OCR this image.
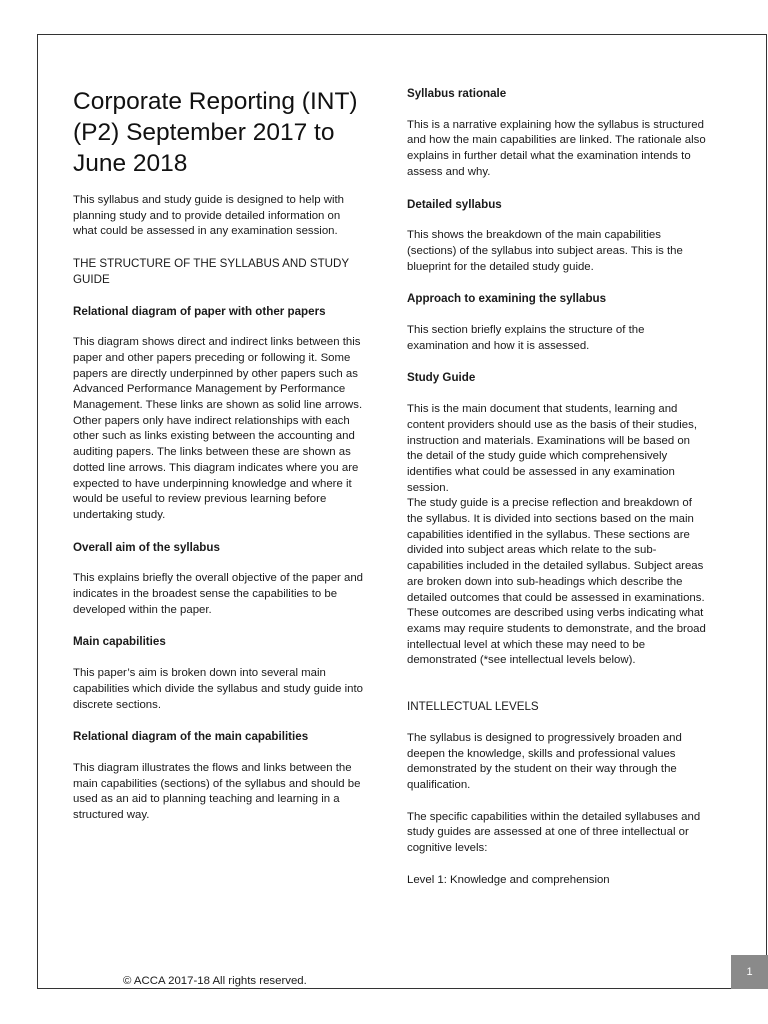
Corporate Reporting (INT) (P2) September 2017 to June 2018

This syllabus and study guide is designed to help with planning study and to provide detailed information on what could be assessed in any examination session.

THE STRUCTURE OF THE SYLLABUS AND STUDY GUIDE
Relational diagram of paper with other papers

This diagram shows direct and indirect links between this paper and other papers preceding or following it. Some papers are directly underpinned by other papers such as Advanced Performance Management by Performance Management. These links are shown as solid line arrows. Other papers only have indirect relationships with each other such as links existing between the accounting and auditing papers. The links between these are shown as dotted line arrows. This diagram indicates where you are expected to have underpinning knowledge and where it would be useful to review previous learning before undertaking study.

Overall aim of the syllabus

This explains briefly the overall objective of the paper and indicates in the broadest sense the capabilities to be developed within the paper.

Main capabilities

This paper’s aim is broken down into several main capabilities which divide the syllabus and study guide into discrete sections.

Relational diagram of the main capabilities

This diagram illustrates the flows and links between the main capabilities (sections) of the syllabus and should be used as an aid to planning teaching and learning in a structured way.

Syllabus rationale

This is a narrative explaining how the syllabus is structured and how the main capabilities are linked. The rationale also explains in further detail what the examination intends to assess and why.

Detailed syllabus

This shows the breakdown of the main capabilities (sections) of the syllabus into subject areas. This is the blueprint for the detailed study guide.

Approach to examining the syllabus

This section briefly explains the structure of the examination and how it is assessed.

Study Guide

This is the main document that students, learning and content providers should use as the basis of their studies, instruction and materials. Examinations will be based on the detail of the study guide which comprehensively identifies what could be assessed in any examination session.

The study guide is a precise reflection and breakdown of the syllabus. It is divided into sections based on the main capabilities identified in the syllabus. These sections are divided into subject areas which relate to the sub-capabilities included in the detailed syllabus. Subject areas are broken down into sub-headings which describe the detailed outcomes that could be assessed in examinations. These outcomes are described using verbs indicating what exams may require students to demonstrate, and the broad intellectual level at which these may need to be demonstrated (*see intellectual levels below).

INTELLECTUAL LEVELS

The syllabus is designed to progressively broaden and deepen the knowledge, skills and professional values demonstrated by the student on their way through the qualification.

The specific capabilities within the detailed syllabuses and study guides are assessed at one of three intellectual or cognitive levels:

Level 1: Knowledge and comprehension

© ACCA 2017-18 All rights reserved.
1
